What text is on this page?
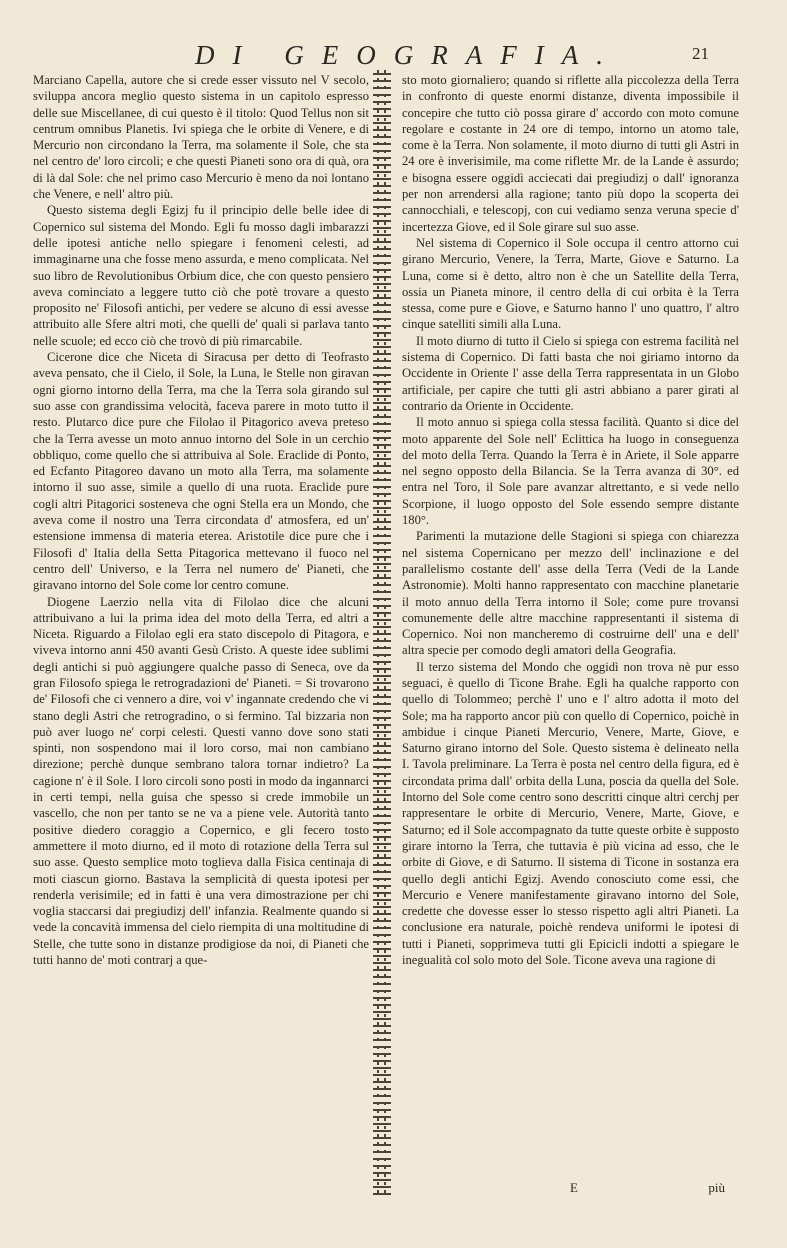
DI GEOGRAFIA.	21

Marciano Capella, autore che si crede esser vissuto nel V secolo, sviluppa ancora meglio questo sistema in un capitolo espresso delle sue Miscellanee, di cui questo è il titolo: Quod Tellus non sit centrum omnibus Planetis. Ivi spiega che le orbite di Venere, e di Mercurio non circondano la Terra, ma solamente il Sole, che sta nel centro de' loro circoli; e che questi Pianeti sono ora di quà, ora di là dal Sole: che nel primo caso Mercurio è meno da noi lontano che Venere, e nell' altro più.

Questo sistema degli Egizj fu il principio delle belle idee di Copernico sul sistema del Mondo. Egli fu mosso dagli imbarazzi delle ipotesi antiche nello spiegare i fenomeni celesti, ad immaginarne una che fosse meno assurda, e meno complicata. Nel suo libro de Revolutionibus Orbium dice, che con questo pensiero aveva cominciato a leggere tutto ciò che potè trovare a questo proposito ne' Filosofi antichi, per vedere se alcuno di essi avesse attribuito alle Sfere altri moti, che quelli de' quali si parlava tanto nelle scuole; ed ecco ciò che trovò di più rimarcabile.

Cicerone dice che Niceta di Siracusa per detto di Teofrasto aveva pensato, che il Cielo, il Sole, la Luna, le Stelle non giravan ogni giorno intorno della Terra, ma che la Terra sola girando sul suo asse con grandissima velocità, faceva parere in moto tutto il resto. Plutarco dice pure che Filolao il Pitagorico aveva preteso che la Terra avesse un moto annuo intorno del Sole in un cerchio obbliquo, come quello che si attribuiva al Sole. Eraclide di Ponto, ed Ecfanto Pitagoreo davano un moto alla Terra, ma solamente intorno il suo asse, simile a quello di una ruota. Eraclide pure cogli altri Pitagorici sosteneva che ogni Stella era un Mondo, che aveva come il nostro una Terra circondata d' atmosfera, ed un' estensione immensa di materia eterea. Aristotile dice pure che i Filosofi d' Italia della Setta Pitagorica mettevano il fuoco nel centro dell' Universo, e la Terra nel numero de' Pianeti, che giravano intorno del Sole come lor centro comune.

Diogene Laerzio nella vita di Filolao dice che alcuni attribuivano a lui la prima idea del moto della Terra, ed altri a Niceta. Riguardo a Filolao egli era stato discepolo di Pitagora, e viveva intorno anni 450 avanti Gesù Cristo. A queste idee sublimi degli antichi si può aggiungere qualche passo di Seneca, ove da gran Filosofo spiega le retrogradazioni de' Pianeti. = Si trovarono de' Filosofi che ci vennero a dire, voi v' ingannate credendo che vi stano degli Astri che retrogradino, o si fermino. Tal bizzaria non può aver luogo ne' corpi celesti. Questi vanno dove sono stati spinti, non sospendono mai il loro corso, mai non cambiano direzione; perchè dunque sembrano talora tornar indietro? La cagione n' è il Sole. I loro circoli sono posti in modo da ingannarci in certi tempi, nella guisa che spesso si crede immobile un vascello, che non per tanto se ne va a piene vele. Autorità tanto positive diedero coraggio a Copernico, e gli fecero tosto ammettere il moto diurno, ed il moto di rotazione della Terra sul suo asse. Questo semplice moto toglieva dalla Fisica centinaja di moti ciascun giorno. Bastava la semplicità di questa ipotesi per renderla verisimile; ed in fatti è una vera dimostrazione per chi voglia staccarsi dai pregiudizj dell' infanzia. Realmente quando si vede la concavità immensa del cielo riempita di una moltitudine di Stelle, che tutte sono in distanze prodigiose da noi, di Pianeti che tutti hanno de' moti contrarj a que-

sto moto giornaliero; quando si riflette alla piccolezza della Terra in confronto di queste enormi distanze, diventa impossibile il concepire che tutto ciò possa girare d' accordo con moto comune regolare e costante in 24 ore di tempo, intorno un atomo tale, come è la Terra. Non solamente, il moto diurno di tutti gli Astri in 24 ore è inverisimile, ma come riflette Mr. de la Lande è assurdo; e bisogna essere oggidì acciecati dai pregiudizj o dall' ignoranza per non arrendersi alla ragione; tanto più dopo la scoperta dei cannocchiali, e telescopj, con cui vediamo senza veruna specie d' incertezza Giove, ed il Sole girare sul suo asse.

Nel sistema di Copernico il Sole occupa il centro attorno cui girano Mercurio, Venere, la Terra, Marte, Giove e Saturno. La Luna, come si è detto, altro non è che un Satellite della Terra, ossia un Pianeta minore, il centro della di cui orbita è la Terra stessa, come pure e Giove, e Saturno hanno l' uno quattro, l' altro cinque satelliti simili alla Luna.

Il moto diurno di tutto il Cielo si spiega con estrema facilità nel sistema di Copernico. Di fatti basta che noi giriamo intorno da Occidente in Oriente l' asse della Terra rappresentata in un Globo artificiale, per capire che tutti gli astri abbiano a parer girati al contrario da Oriente in Occidente.

Il moto annuo si spiega colla stessa facilità. Quanto si dice del moto apparente del Sole nell' Eclittica ha luogo in conseguenza del moto della Terra. Quando la Terra è in Ariete, il Sole apparre nel segno opposto della Bilancia. Se la Terra avanza di 30°. ed entra nel Toro, il Sole pare avanzar altrettanto, e si vede nello Scorpione, il luogo opposto del Sole essendo sempre distante 180°.

Parimenti la mutazione delle Stagioni si spiega con chiarezza nel sistema Copernicano per mezzo dell' inclinazione e del parallelismo costante dell' asse della Terra (Vedi de la Lande Astronomie). Molti hanno rappresentato con macchine planetarie il moto annuo della Terra intorno il Sole; come pure trovansi comunemente delle altre macchine rappresentanti il sistema di Copernico. Noi non mancheremo di costruirne dell' una e dell' altra specie per comodo degli amatori della Geografia.

Il terzo sistema del Mondo che oggidì non trova nè pur esso seguaci, è quello di Ticone Brahe. Egli ha qualche rapporto con quello di Tolommeo; perchè l' uno e l' altro adotta il moto del Sole; ma ha rapporto ancor più con quello di Copernico, poichè in ambidue i cinque Pianeti Mercurio, Venere, Marte, Giove, e Saturno girano intorno del Sole. Questo sistema è delineato nella I. Tavola preliminare. La Terra è posta nel centro della figura, ed è circondata prima dall' orbita della Luna, poscia da quella del Sole. Intorno del Sole come centro sono descritti cinque altri cerchj per rappresentare le orbite di Mercurio, Venere, Marte, Giove, e Saturno; ed il Sole accompagnato da tutte queste orbite è supposto girare intorno la Terra, che tuttavia è più vicina ad esso, che le orbite di Giove, e di Saturno. Il sistema di Ticone in sostanza era quello degli antichi Egizj. Avendo conosciuto come essi, che Mercurio e Venere manifestamente giravano intorno del Sole, credette che dovesse esser lo stesso rispetto agli altri Pianeti. La conclusione era naturale, poichè rendeva uniformi le ipotesi di tutti i Pianeti, sopprimeva tutti gli Epicicli indotti a spiegare le inegualità col solo moto del Sole. Ticone aveva una ragione di

E	più
